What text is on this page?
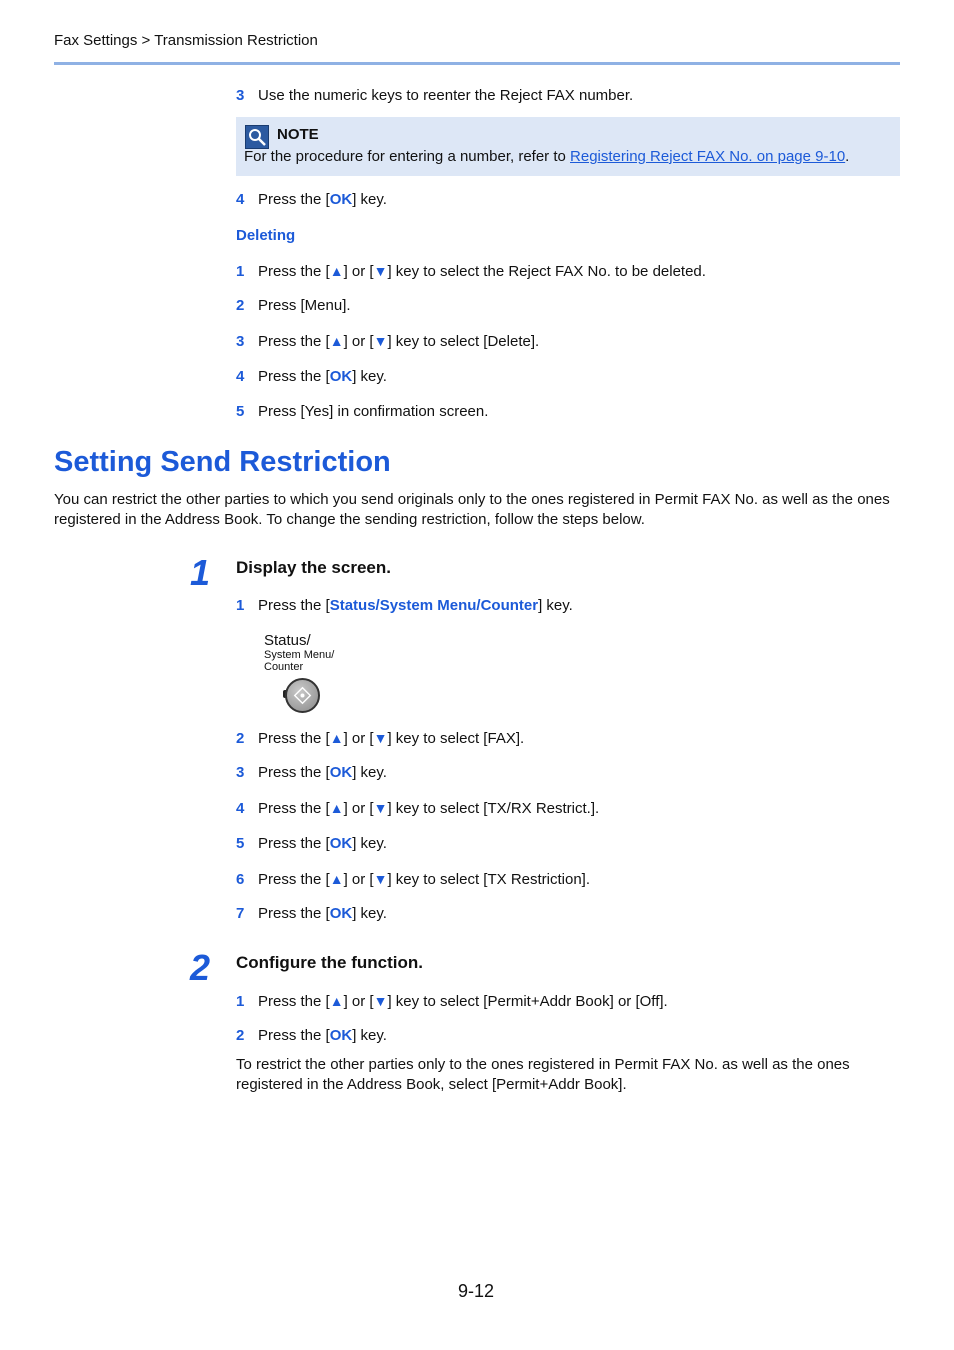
Fax Settings > Transmission Restriction
3 Use the numeric keys to reenter the Reject FAX number.
NOTE
For the procedure for entering a number, refer to Registering Reject FAX No. on page 9-10.
4 Press the [OK] key.
Deleting
1 Press the [▲] or [▼] key to select the Reject FAX No. to be deleted.
2 Press [Menu].
3 Press the [▲] or [▼] key to select [Delete].
4 Press the [OK] key.
5 Press [Yes] in confirmation screen.
Setting Send Restriction
You can restrict the other parties to which you send originals only to the ones registered in Permit FAX No. as well as the ones registered in the Address Book. To change the sending restriction, follow the steps below.
1 Display the screen.
1 Press the [Status/System Menu/Counter] key.
Status/
System Menu/
Counter
2 Press the [▲] or [▼] key to select [FAX].
3 Press the [OK] key.
4 Press the [▲] or [▼] key to select [TX/RX Restrict.].
5 Press the [OK] key.
6 Press the [▲] or [▼] key to select [TX Restriction].
7 Press the [OK] key.
2 Configure the function.
1 Press the [▲] or [▼] key to select [Permit+Addr Book] or [Off].
2 Press the [OK] key.
To restrict the other parties only to the ones registered in Permit FAX No. as well as the ones registered in the Address Book, select [Permit+Addr Book].
9-12
